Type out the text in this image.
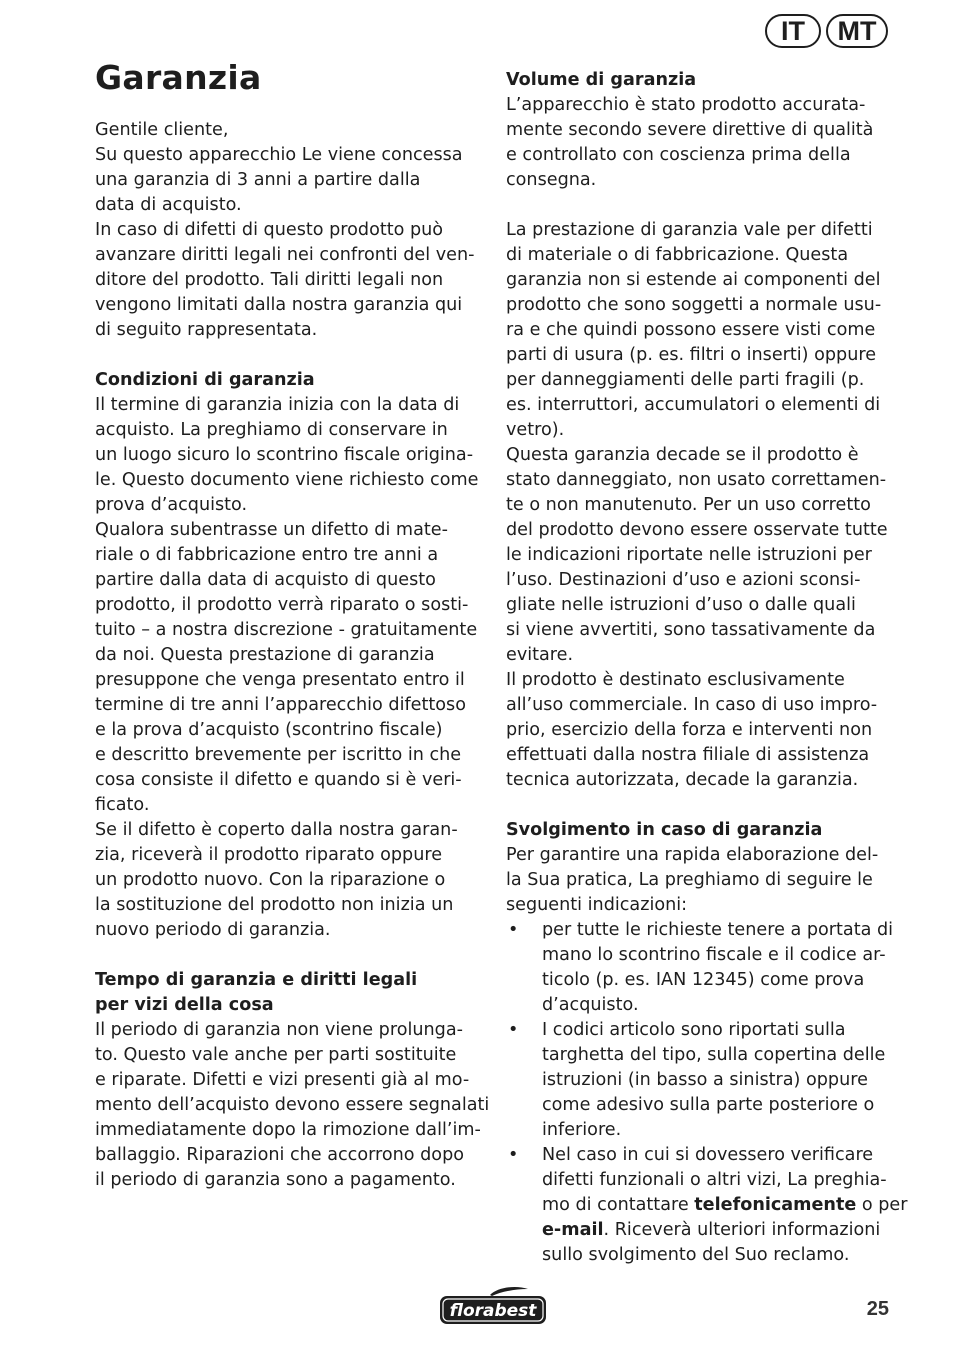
IT	MT
Garanzia

Gentile cliente,

Su questo apparecchio Le viene concessa

una garanzia di 3 anni a partire dalla

data di acquisto.

In caso di difetti di questo prodotto può

avanzare diritti legali nei confronti del ven-

ditore del prodotto. Tali diritti legali non

vengono limitati dalla nostra garanzia qui

di seguito rappresentata.

Condizioni di garanzia

Il termine di garanzia inizia con la data di

acquisto. La preghiamo di conservare in

un luogo sicuro lo scontrino fiscale origina-

le. Questo documento viene richiesto come

prova d’acquisto.

Qualora subentrasse un difetto di mate-

riale o di fabbricazione entro tre anni a

partire dalla data di acquisto di questo

prodotto, il prodotto verrà riparato o sosti-

tuito – a nostra discrezione - gratuitamente

da noi. Questa prestazione di garanzia

presuppone che venga presentato entro il

termine di tre anni l’apparecchio difettoso

e la prova d’acquisto (scontrino fiscale)

e descritto brevemente per iscritto in che

cosa consiste il difetto e quando si è veri-

ficato.

Se il difetto è coperto dalla nostra garan-

zia, riceverà il prodotto riparato oppure

un prodotto nuovo. Con la riparazione o

la sostituzione del prodotto non inizia un

nuovo periodo di garanzia.

Tempo di garanzia e diritti legali
per vizi della cosa

Il periodo di garanzia non viene prolunga-

to. Questo vale anche per parti sostituite

e riparate. Difetti e vizi presenti già al mo-

mento dell’acquisto devono essere segnalati

immediatamente dopo la rimozione dall’im-

ballaggio. Riparazioni che accorrono dopo

il periodo di garanzia sono a pagamento.

Volume di garanzia

L’apparecchio è stato prodotto accurata-

mente secondo severe direttive di qualità

e controllato con coscienza prima della

consegna.

La prestazione di garanzia vale per difetti

di materiale o di fabbricazione. Questa

garanzia non si estende ai componenti del

prodotto che sono soggetti a normale usu-

ra e che quindi possono essere visti come

parti di usura (p. es. filtri o inserti) oppure

per danneggiamenti delle parti fragili (p.

es. interruttori, accumulatori o elementi di

vetro).

Questa garanzia decade se il prodotto è

stato danneggiato, non usato correttamen-

te o non manutenuto. Per un uso corretto

del prodotto devono essere osservate tutte

le indicazioni riportate nelle istruzioni per

l’uso. Destinazioni d’uso e azioni sconsi-

gliate nelle istruzioni d’uso o dalle quali

si viene avvertiti, sono tassativamente da

evitare.

Il prodotto è destinato esclusivamente

all’uso commerciale. In caso di uso impro-

prio, esercizio della forza e interventi non

effettuati dalla nostra filiale di assistenza

tecnica autorizzata, decade la garanzia.

Svolgimento in caso di garanzia

Per garantire una rapida elaborazione del-

la Sua pratica, La preghiamo di seguire le

seguenti indicazioni:

• per tutte le richieste tenere a portata di

mano lo scontrino fiscale e il codice ar-

ticolo (p. es. IAN 12345) come prova

d’acquisto.

• I codici articolo sono riportati sulla

targhetta del tipo, sulla copertina delle

istruzioni (in basso a sinistra) oppure

come adesivo sulla parte posteriore o

inferiore.

• Nel caso in cui si dovessero verificare

difetti funzionali o altri vizi, La preghia-

mo di contattare telefonicamente o per

e-mail. Riceverà ulteriori informazioni

sullo svolgimento del Suo reclamo.

florabest	25
